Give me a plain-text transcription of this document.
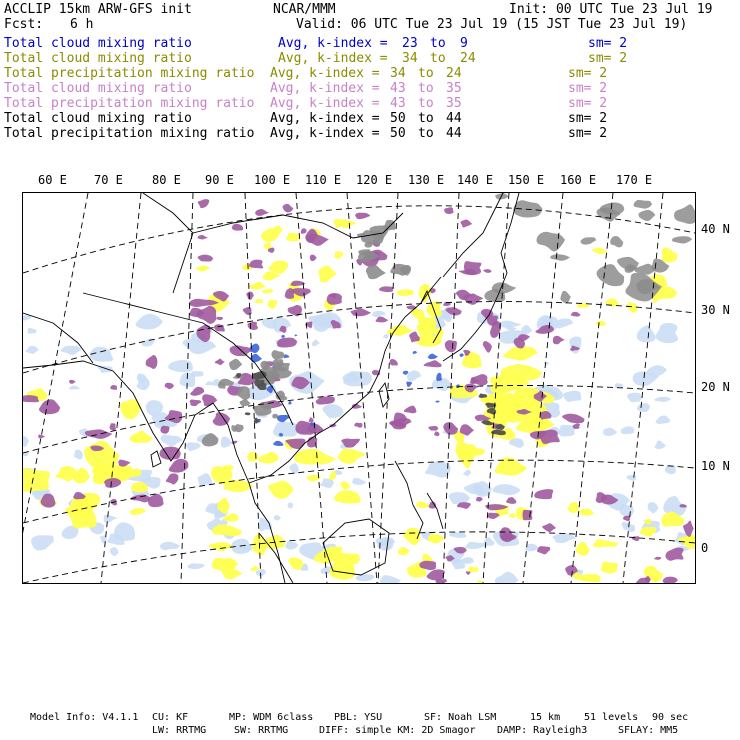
ACCLIP 15km ARW-GFS init	NCAR/MMM	Init: 00 UTC Tue 23 Jul 19
Fcst: 6 h	Valid: 06 UTC Tue 23 Jul 19 (15 JST Tue 23 Jul 19)
Total cloud mixing ratio	Avg, k-index = 23 to 9	sm= 2
Total cloud mixing ratio	Avg, k-index = 34 to 24	sm= 2
Total precipitation mixing ratio Avg, k-index = 34 to 24	sm= 2
Total cloud mixing ratio	Avg, k-index = 43 to 35	sm= 2
Total precipitation mixing ratio Avg, k-index = 43 to 35	sm= 2
Total cloud mixing ratio	Avg, k-index = 50 to 44	sm= 2
Total precipitation mixing ratio Avg, k-index = 50 to 44	sm= 2
60 E 70 E 80 E 90 E 100 E 110 E 120 E 130 E 140 E 150 E 160 E 170 E
40 N
30 N
20 N
10 N
0
Model Info: V4.1.1 CU: KF	MP: WDM 6class PBL: YSU	SF: Noah LSM	15 km 51 levels 90 sec
LW: RRTMG	SW: RRTMG	DIFF: simple KM: 2D Smagor DAMP: Rayleigh3	SFLAY: MM5
